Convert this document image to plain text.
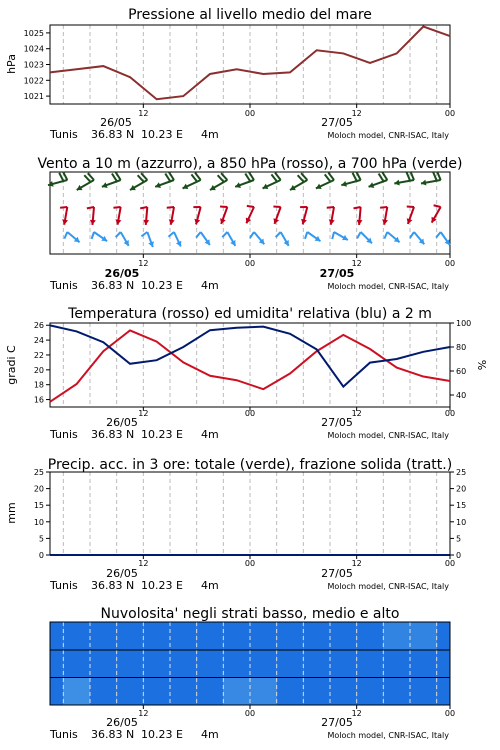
Pressione al livello medio del mare
1021
1022
1023
1024
1025
hPa
12	00	12	00
26/05	27/05
Tunis 36.83 N 10.23 E 4m	Moloch model, CNR-ISAC, Italy
Vento a 10 m (azzurro), a 850 hPa (rosso), a 700 hPa (verde)
12	00	12	00
26/05	27/05
Tunis 36.83 N 10.23 E 4m	Moloch model, CNR-ISAC, Italy
Temperatura (rosso) ed umidita' relativa (blu) a 2 m
16
18
20
22
24
26
40
60
80
100
gradi C	%
12	00	12	00
26/05	27/05
Tunis 36.83 N 10.23 E 4m	Moloch model, CNR-ISAC, Italy
Precip. acc. in 3 ore: totale (verde), frazione solida (tratt.)
0
5
10
15
20
25
0
5
10
15
20
25
mm
12	00	12	00
26/05	27/05
Tunis 36.83 N 10.23 E 4m	Moloch model, CNR-ISAC, Italy
Nuvolosita' negli strati basso, medio e alto
12	00	12	00
26/05	27/05
Tunis 36.83 N 10.23 E 4m	Moloch model, CNR-ISAC, Italy
